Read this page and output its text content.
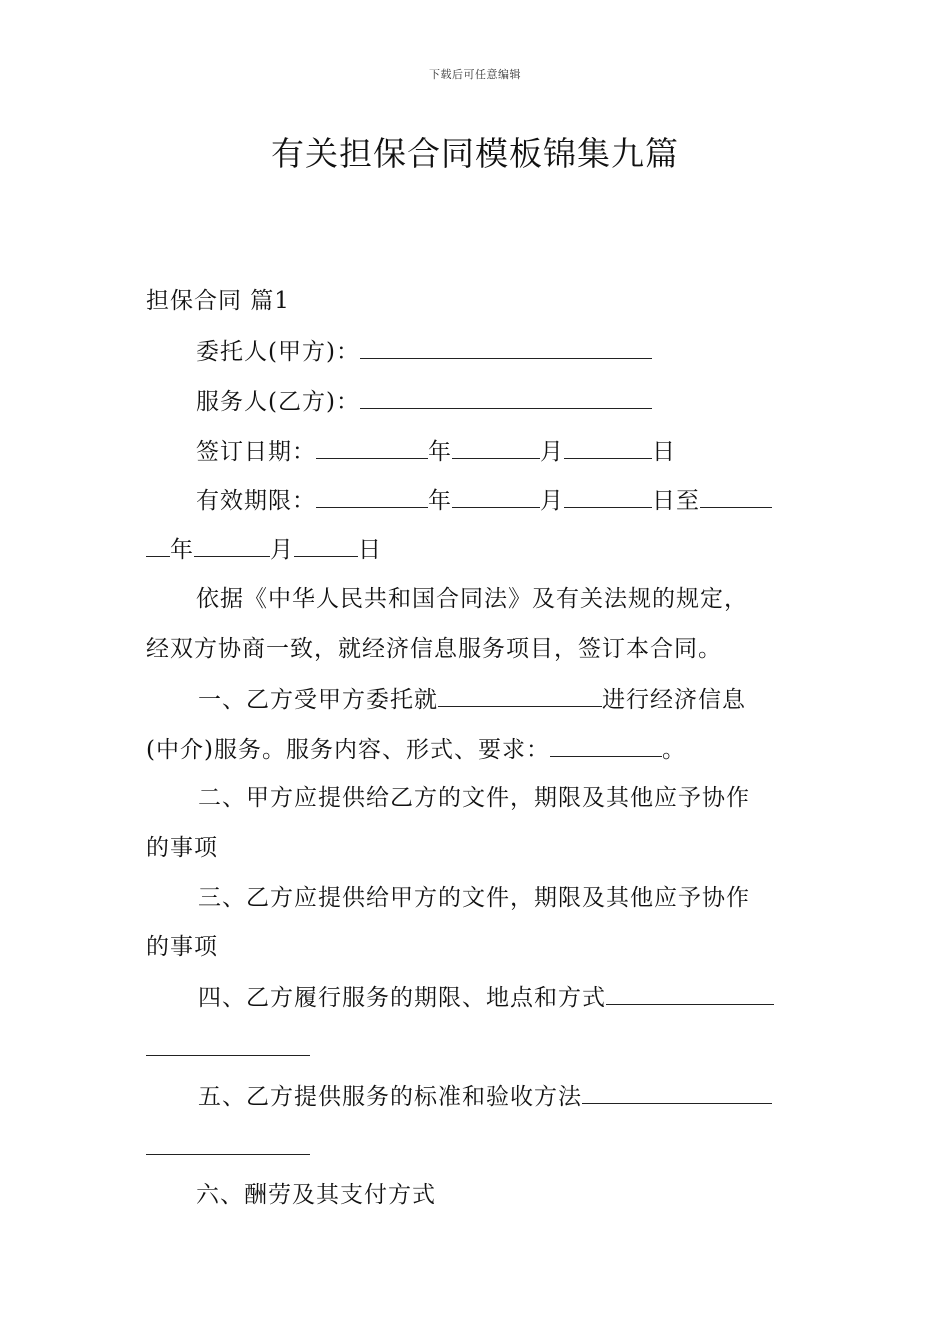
下载后可任意编辑
有关担保合同模板锦集九篇
担保合同 篇1
委托人(甲方)：
服务人(乙方)：
签订日期：	年	月	日
有效期限：	年	月	日至
年	月	日
依据《中华人民共和国合同法》及有关法规的规定，
经双方协商一致，就经济信息服务项目，签订本合同。
一、乙方受甲方委托就	进行经济信息
(中介)服务。服务内容、形式、要求：	。
二、甲方应提供给乙方的文件，期限及其他应予协作
的事项
三、乙方应提供给甲方的文件，期限及其他应予协作
的事项
四、乙方履行服务的期限、地点和方式
五、乙方提供服务的标准和验收方法
六、酬劳及其支付方式
